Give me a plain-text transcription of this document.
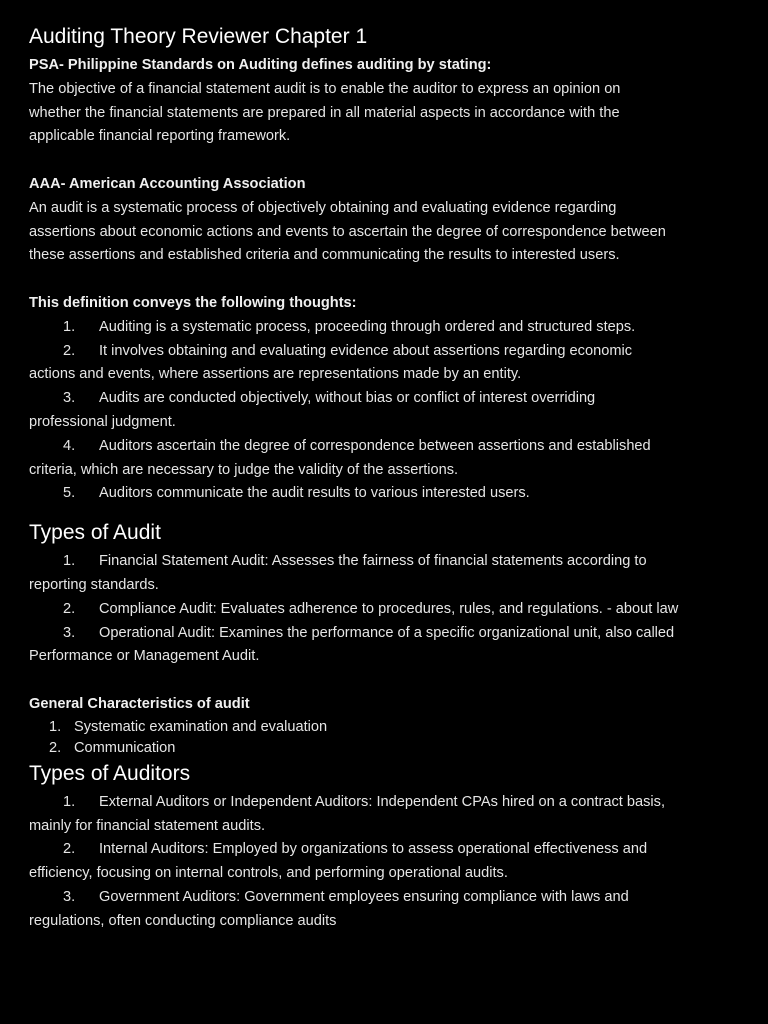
Auditing Theory Reviewer Chapter 1

PSA- Philippine Standards on Auditing defines auditing by stating:

The objective of a financial statement audit is to enable the auditor to express an opinion on

whether the financial statements are prepared in all material aspects in accordance with the

applicable financial reporting framework.

AAA- American Accounting Association

An audit is a systematic process of objectively obtaining and evaluating evidence regarding

assertions about economic actions and events to ascertain the degree of correspondence between

these assertions and established criteria and communicating the results to interested users.

This definition conveys the following thoughts:

1. Auditing is a systematic process, proceeding through ordered and structured steps.

2. It involves obtaining and evaluating evidence about assertions regarding economic

actions and events, where assertions are representations made by an entity.

3. Audits are conducted objectively, without bias or conflict of interest overriding

professional judgment.

4. Auditors ascertain the degree of correspondence between assertions and established

criteria, which are necessary to judge the validity of the assertions.

5. Auditors communicate the audit results to various interested users.

Types of Audit

1. Financial Statement Audit: Assesses the fairness of financial statements according to

reporting standards.

2. Compliance Audit: Evaluates adherence to procedures, rules, and regulations. - about law

3. Operational Audit: Examines the performance of a specific organizational unit, also called

Performance or Management Audit.

General Characteristics of audit

1. Systematic examination and evaluation
2. Communication
Types of Auditors

1. External Auditors or Independent Auditors: Independent CPAs hired on a contract basis,

mainly for financial statement audits.

2. Internal Auditors: Employed by organizations to assess operational effectiveness and

efficiency, focusing on internal controls, and performing operational audits.

3. Government Auditors: Government employees ensuring compliance with laws and

regulations, often conducting compliance audits
